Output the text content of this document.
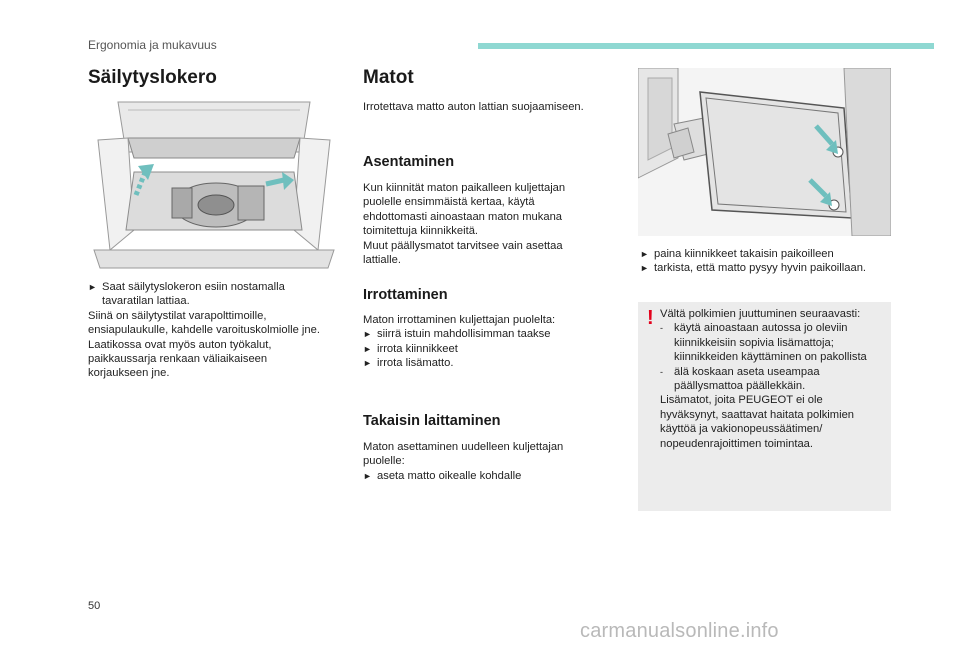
Ergonomia ja mukavuus
Säilytyslokero
► Saat säilytyslokeron esiin nostamalla
tavaratilan lattiaa.
Siinä on säilytystilat varapolttimoille,
ensiapulaukulle, kahdelle varoituskolmiolle jne.
Laatikossa ovat myös auton työkalut,
paikkaussarja renkaan väliaikaiseen
korjaukseen jne.
Matot
Irrotettava matto auton lattian suojaamiseen.
Asentaminen
Kun kiinnität maton paikalleen kuljettajan
puolelle ensimmäistä kertaa, käytä
ehdottomasti ainoastaan maton mukana
toimitettuja kiinnikkeitä.
Muut päällysmatot tarvitsee vain asettaa
lattialle.
Irrottaminen
Maton irrottaminen kuljettajan puolelta:
► siirrä istuin mahdollisimman taakse
► irrota kiinnikkeet
► irrota lisämatto.
Takaisin laittaminen
Maton asettaminen uudelleen kuljettajan
puolelle:
► aseta matto oikealle kohdalle
► paina kiinnikkeet takaisin paikoilleen
► tarkista, että matto pysyy hyvin paikoillaan.
! Vältä polkimien juuttuminen seuraavasti:
- käytä ainoastaan autossa jo oleviin
kiinnikkeisiin sopivia lisämattoja;
kiinnikkeiden käyttäminen on pakollista
- älä koskaan aseta useampaa
päällysmattoa päällekkäin.
Lisämatot, joita PEUGEOT ei ole
hyväksynyt, saattavat haitata polkimien
käyttöä ja vakionopeussäätimen/
nopeudenrajoittimen toimintaa.
50
carmanualsonline.info
